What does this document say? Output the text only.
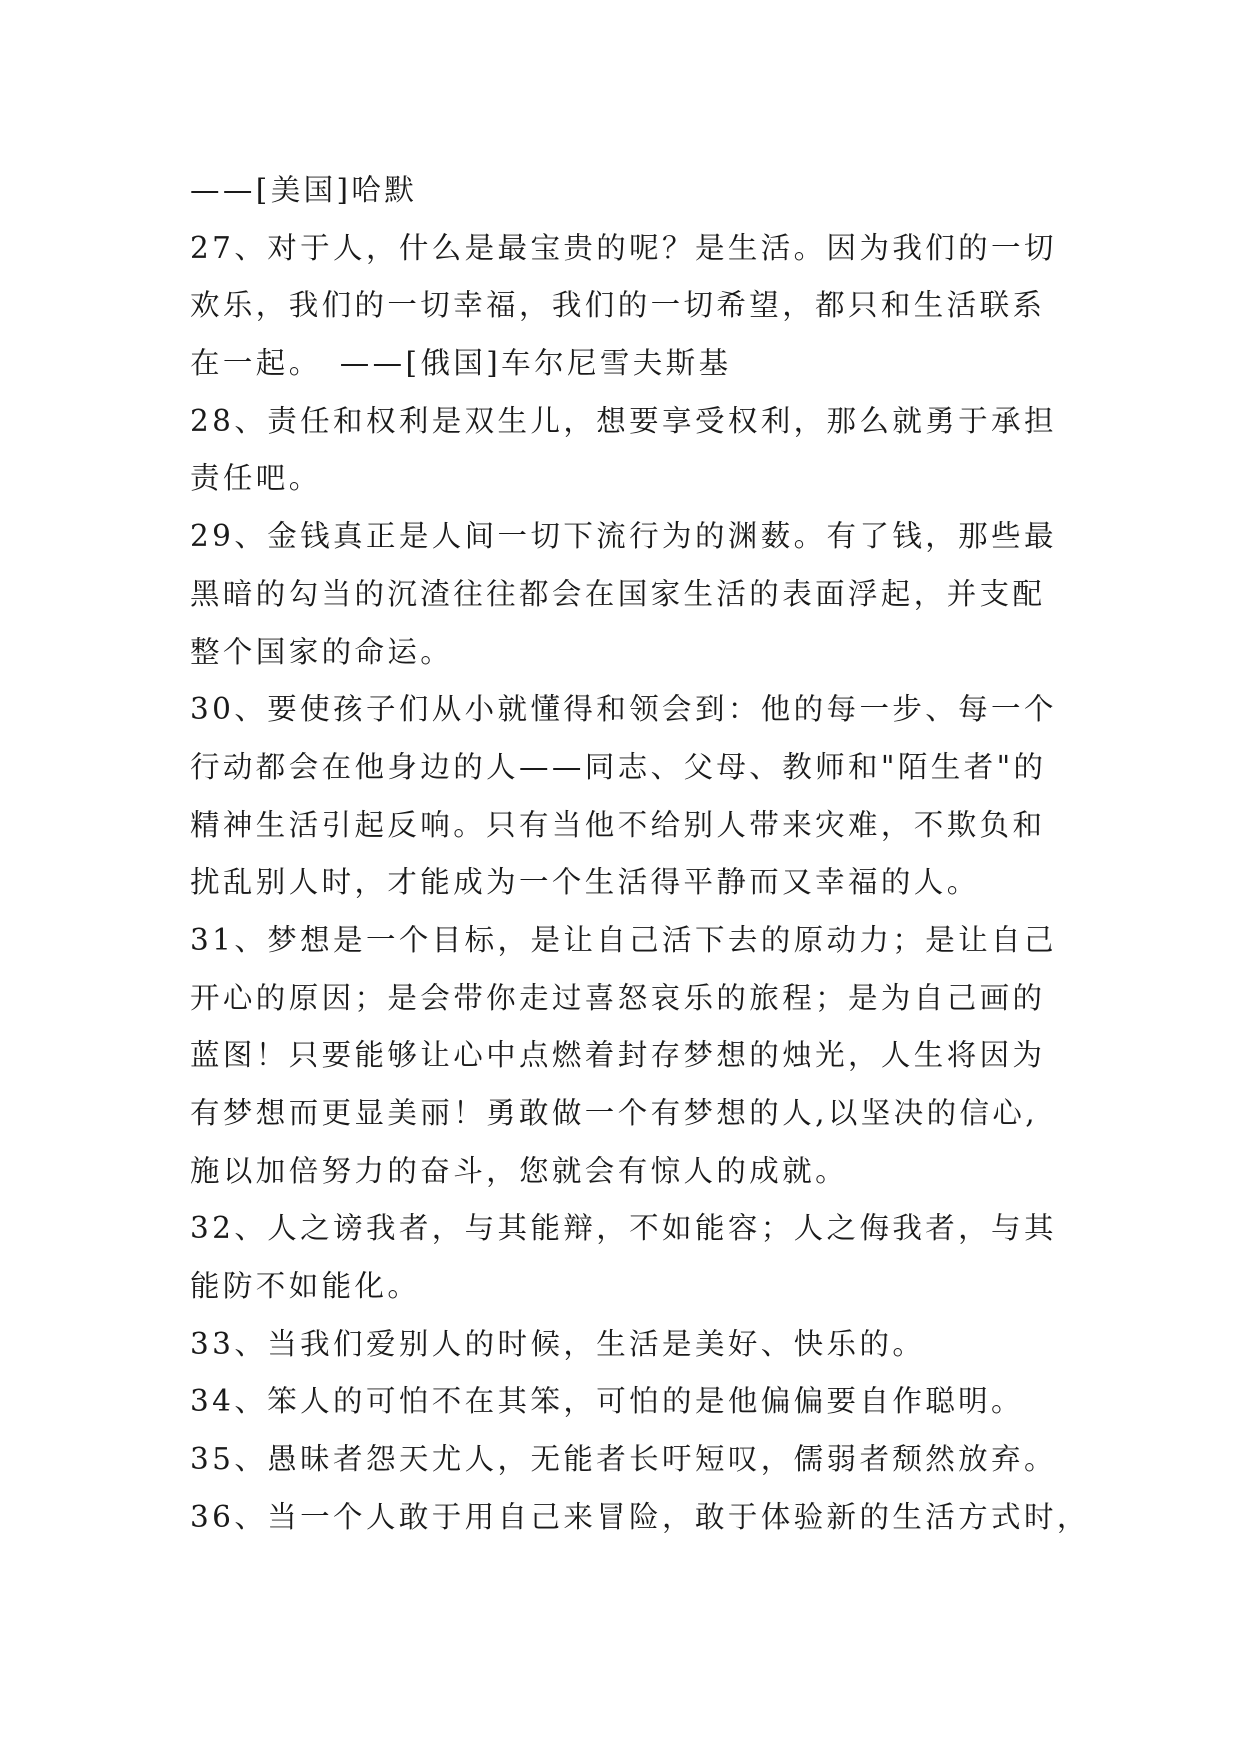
——[美国]哈默
27、对于人，什么是最宝贵的呢？是生活。因为我们的一切
欢乐，我们的一切幸福，我们的一切希望，都只和生活联系
在一起。　——[俄国]车尔尼雪夫斯基
28、责任和权利是双生儿，想要享受权利，那么就勇于承担
责任吧。
29、金钱真正是人间一切下流行为的渊薮。有了钱，那些最
黑暗的勾当的沉渣往往都会在国家生活的表面浮起，并支配
整个国家的命运。
30、要使孩子们从小就懂得和领会到：他的每一步、每一个
行动都会在他身边的人——同志、父母、教师和"陌生者"的
精神生活引起反响。只有当他不给别人带来灾难，不欺负和
扰乱别人时，才能成为一个生活得平静而又幸福的人。
31、梦想是一个目标，是让自己活下去的原动力；是让自己
开心的原因；是会带你走过喜怒哀乐的旅程；是为自己画的
蓝图！只要能够让心中点燃着封存梦想的烛光，人生将因为
有梦想而更显美丽！勇敢做一个有梦想的人,以坚决的信心,
施以加倍努力的奋斗，您就会有惊人的成就。
32、人之谤我者，与其能辩，不如能容；人之侮我者，与其
能防不如能化。
33、当我们爱别人的时候，生活是美好、快乐的。
34、笨人的可怕不在其笨，可怕的是他偏偏要自作聪明。
35、愚昧者怨天尤人，无能者长吁短叹，儒弱者颓然放弃。
36、当一个人敢于用自己来冒险，敢于体验新的生活方式时，
